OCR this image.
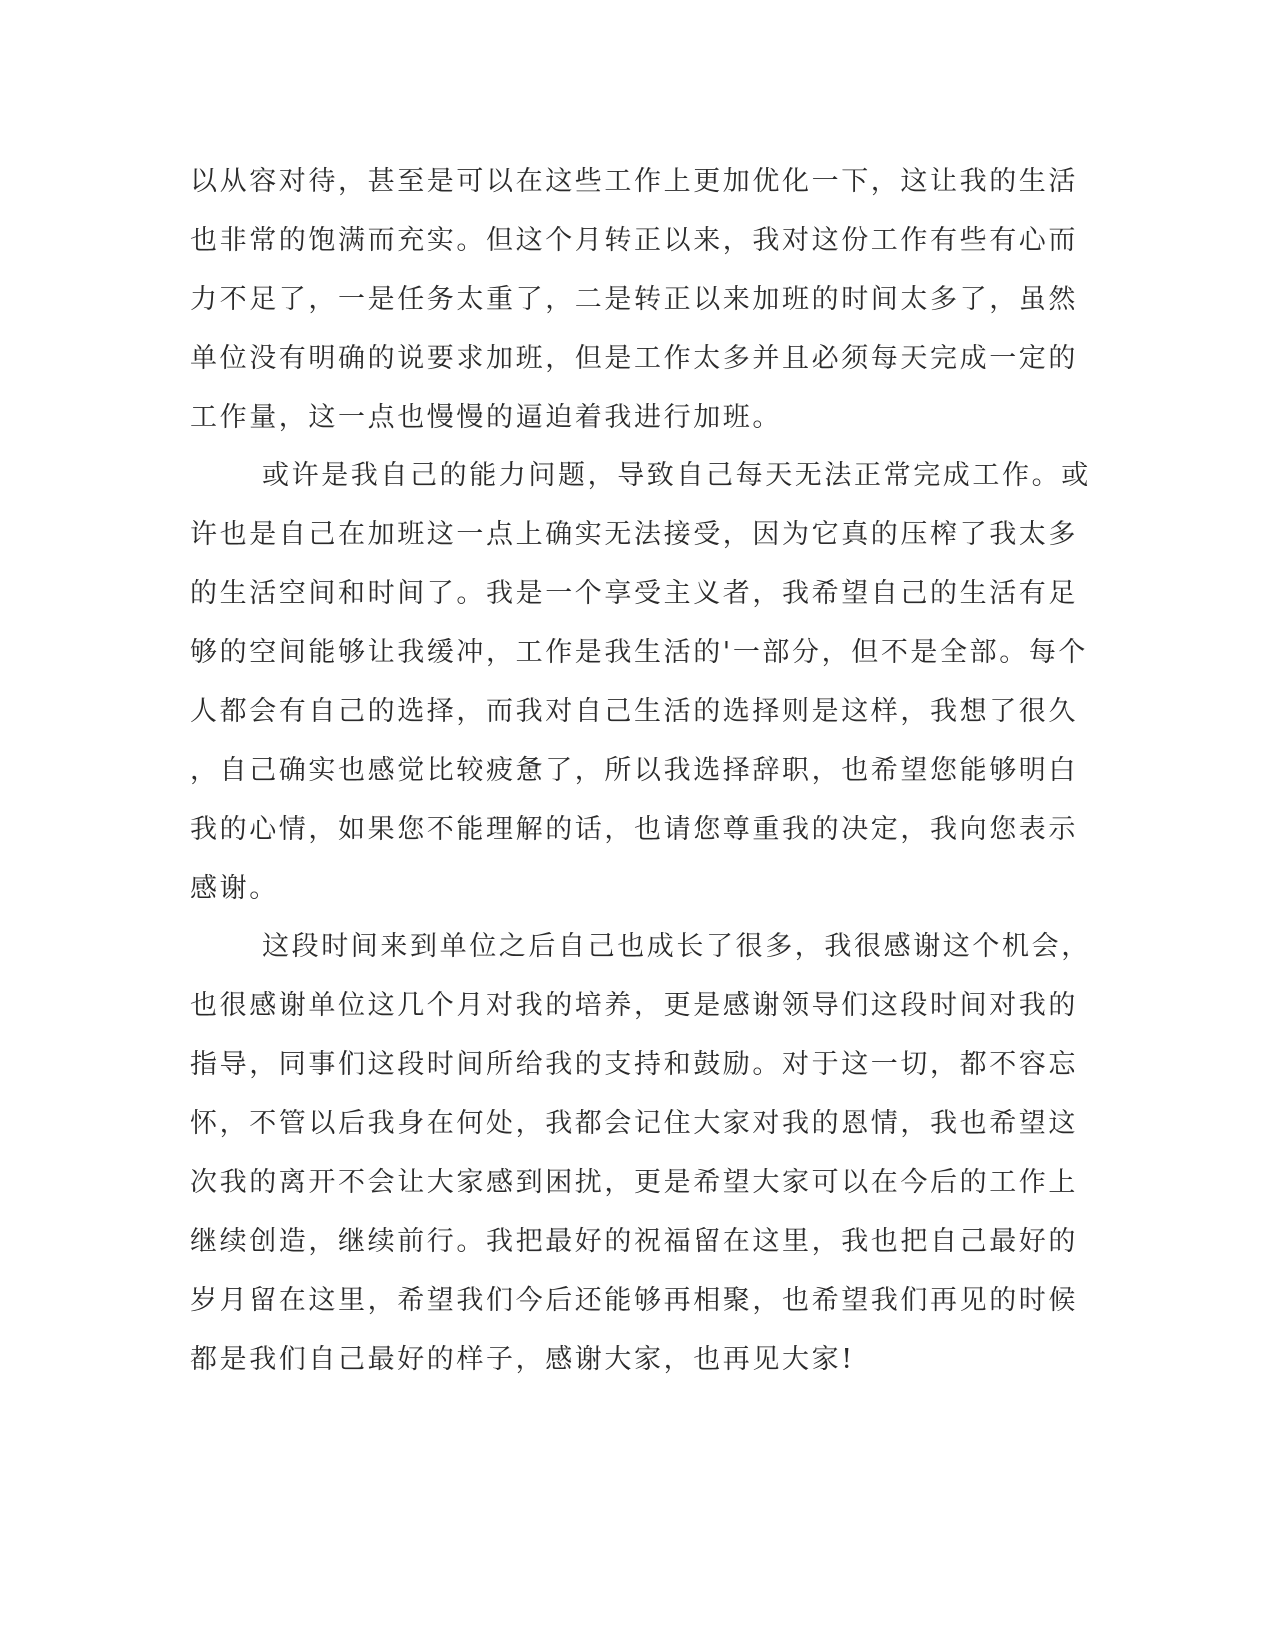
以从容对待，甚至是可以在这些工作上更加优化一下，这让我的生活
也非常的饱满而充实。但这个月转正以来，我对这份工作有些有心而
力不足了，一是任务太重了，二是转正以来加班的时间太多了，虽然
单位没有明确的说要求加班，但是工作太多并且必须每天完成一定的
工作量，这一点也慢慢的逼迫着我进行加班。
或许是我自己的能力问题，导致自己每天无法正常完成工作。或
许也是自己在加班这一点上确实无法接受，因为它真的压榨了我太多
的生活空间和时间了。我是一个享受主义者，我希望自己的生活有足
够的空间能够让我缓冲，工作是我生活的'一部分，但不是全部。每个
人都会有自己的选择，而我对自己生活的选择则是这样，我想了很久
，自己确实也感觉比较疲惫了，所以我选择辞职，也希望您能够明白
我的心情，如果您不能理解的话，也请您尊重我的决定，我向您表示
感谢。
这段时间来到单位之后自己也成长了很多，我很感谢这个机会，
也很感谢单位这几个月对我的培养，更是感谢领导们这段时间对我的
指导，同事们这段时间所给我的支持和鼓励。对于这一切，都不容忘
怀，不管以后我身在何处，我都会记住大家对我的恩情，我也希望这
次我的离开不会让大家感到困扰，更是希望大家可以在今后的工作上
继续创造，继续前行。我把最好的祝福留在这里，我也把自己最好的
岁月留在这里，希望我们今后还能够再相聚，也希望我们再见的时候
都是我们自己最好的样子，感谢大家，也再见大家!
